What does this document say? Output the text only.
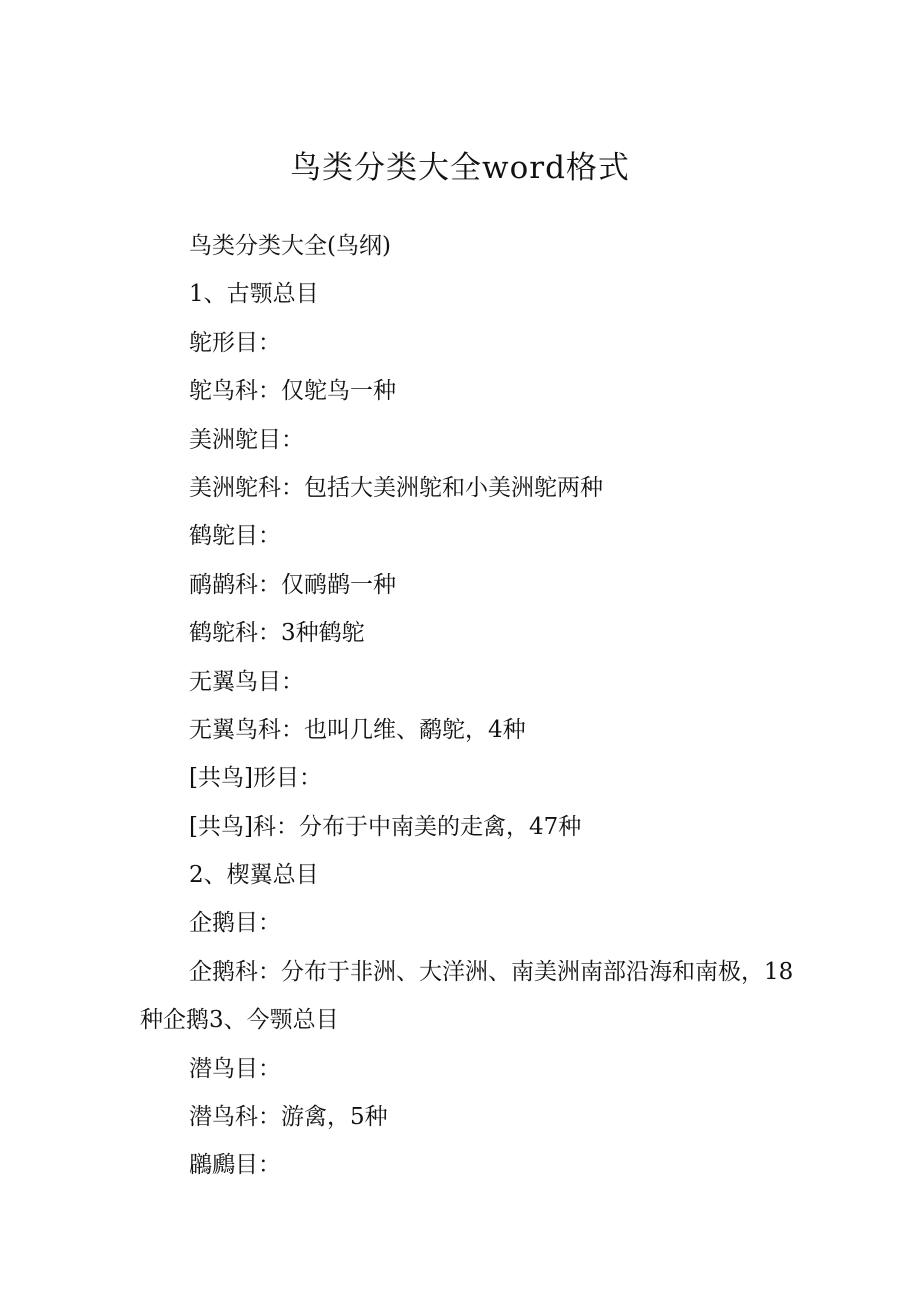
鸟类分类大全word格式
鸟类分类大全(鸟纲)
1、古颚总目
鸵形目：
鸵鸟科：仅鸵鸟一种
美洲鸵目：
美洲鸵科：包括大美洲鸵和小美洲鸵两种
鹤鸵目：
鸸鹋科：仅鸸鹋一种
鹤鸵科：3种鹤鸵
无翼鸟目：
无翼鸟科：也叫几维、鹬鸵，4种
[共鸟]形目：
[共鸟]科：分布于中南美的走禽，47种
2、楔翼总目
企鹅目：
企鹅科：分布于非洲、大洋洲、南美洲南部沿海和南极，18种企鹅3、今颚总目
潜鸟目：
潜鸟科：游禽，5种
鸊鷉目：
